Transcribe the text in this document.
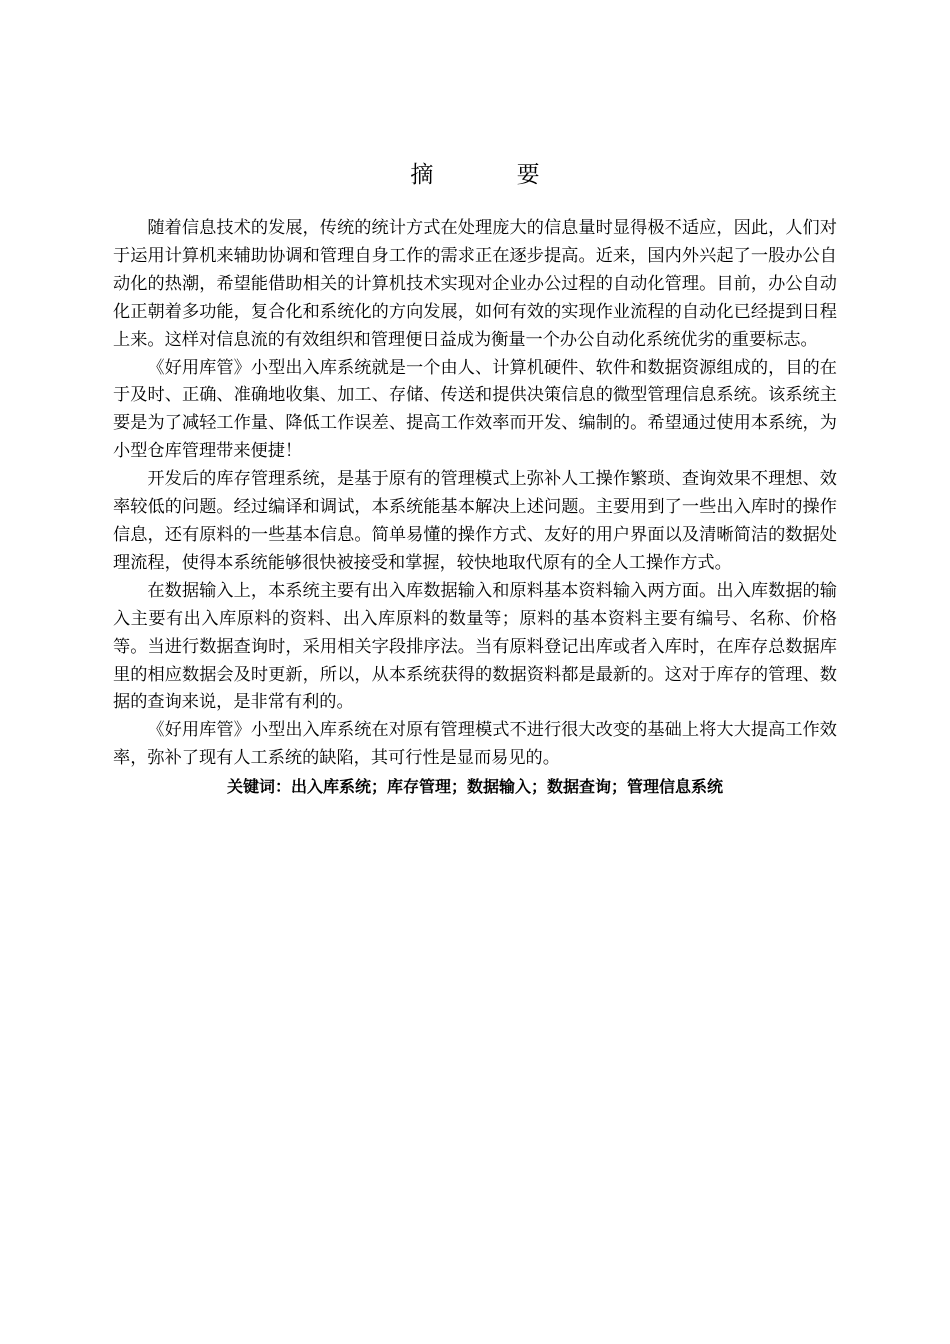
摘 要

随着信息技术的发展，传统的统计方式在处理庞大的信息量时显得极不适应，因此，人们对于运用计算机来辅助协调和管理自身工作的需求正在逐步提高。近来，国内外兴起了一股办公自动化的热潮，希望能借助相关的计算机技术实现对企业办公过程的自动化管理。目前，办公自动化正朝着多功能，复合化和系统化的方向发展，如何有效的实现作业流程的自动化已经提到日程上来。这样对信息流的有效组织和管理便日益成为衡量一个办公自动化系统优劣的重要标志。

《好用库管》小型出入库系统就是一个由人、计算机硬件、软件和数据资源组成的，目的在于及时、正确、准确地收集、加工、存储、传送和提供决策信息的微型管理信息系统。该系统主要是为了减轻工作量、降低工作误差、提高工作效率而开发、编制的。希望通过使用本系统，为小型仓库管理带来便捷！

开发后的库存管理系统，是基于原有的管理模式上弥补人工操作繁琐、查询效果不理想、效率较低的问题。经过编译和调试，本系统能基本解决上述问题。主要用到了一些出入库时的操作信息，还有原料的一些基本信息。简单易懂的操作方式、友好的用户界面以及清晰简洁的数据处理流程，使得本系统能够很快被接受和掌握，较快地取代原有的全人工操作方式。

在数据输入上，本系统主要有出入库数据输入和原料基本资料输入两方面。出入库数据的输入主要有出入库原料的资料、出入库原料的数量等；原料的基本资料主要有编号、名称、价格等。当进行数据查询时，采用相关字段排序法。当有原料登记出库或者入库时，在库存总数据库里的相应数据会及时更新，所以，从本系统获得的数据资料都是最新的。这对于库存的管理、数据的查询来说，是非常有利的。

《好用库管》小型出入库系统在对原有管理模式不进行很大改变的基础上将大大提高工作效率，弥补了现有人工系统的缺陷，其可行性是显而易见的。

关键词：出入库系统；库存管理；数据输入；数据查询；管理信息系统
